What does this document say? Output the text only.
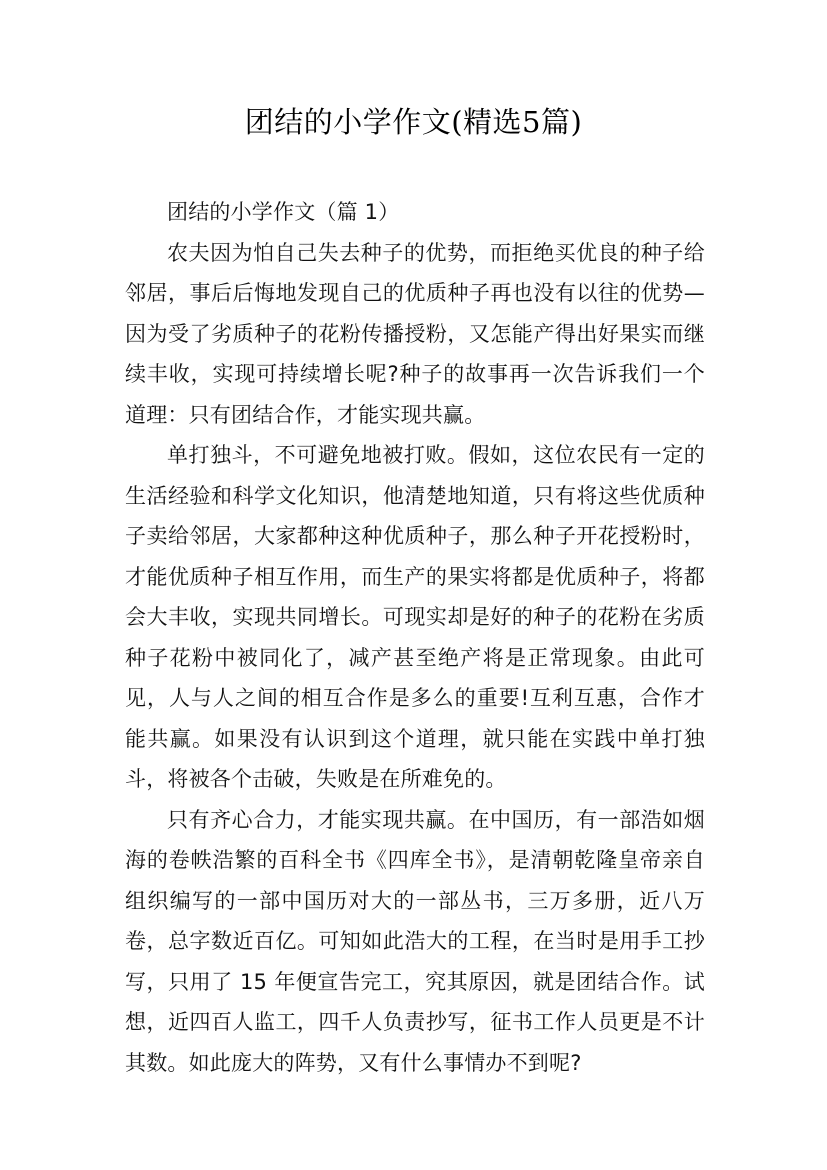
团结的小学作文(精选5篇)

团结的小学作文（篇 1）

农夫因为怕自己失去种子的优势，而拒绝买优良的种子给邻居，事后后悔地发现自己的优质种子再也没有以往的优势—因为受了劣质种子的花粉传播授粉，又怎能产得出好果实而继续丰收，实现可持续增长呢?种子的故事再一次告诉我们一个道理：只有团结合作，才能实现共赢。

单打独斗，不可避免地被打败。假如，这位农民有一定的生活经验和科学文化知识，他清楚地知道，只有将这些优质种子卖给邻居，大家都种这种优质种子，那么种子开花授粉时，才能优质种子相互作用，而生产的果实将都是优质种子，将都会大丰收，实现共同增长。可现实却是好的种子的花粉在劣质种子花粉中被同化了，减产甚至绝产将是正常现象。由此可见，人与人之间的相互合作是多么的重要!互利互惠，合作才能共赢。如果没有认识到这个道理，就只能在实践中单打独斗，将被各个击破，失败是在所难免的。

只有齐心合力，才能实现共赢。在中国历，有一部浩如烟海的卷帙浩繁的百科全书《四库全书》，是清朝乾隆皇帝亲自组织编写的一部中国历对大的一部丛书，三万多册，近八万卷，总字数近百亿。可知如此浩大的工程，在当时是用手工抄写，只用了 15 年便宣告完工，究其原因，就是团结合作。试想，近四百人监工，四千人负责抄写，征书工作人员更是不计其数。如此庞大的阵势，又有什么事情办不到呢?
